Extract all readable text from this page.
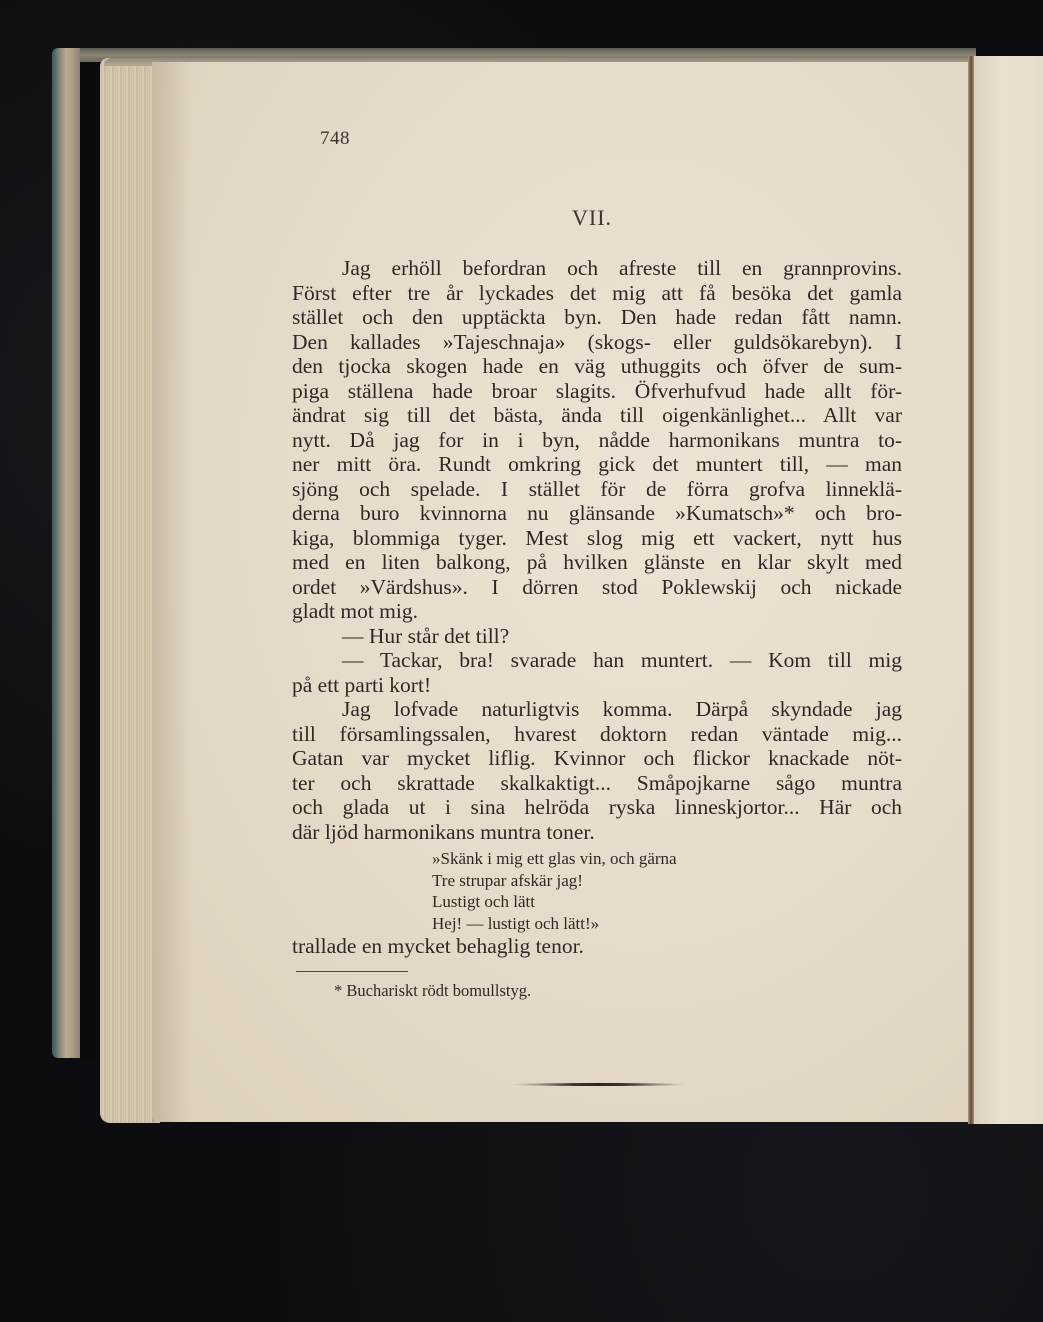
748
VII.
Jag erhöll befordran och afreste till en grannprovins.
Först efter tre år lyckades det mig att få besöka det gamla
stället och den upptäckta byn. Den hade redan fått namn.
Den kallades »Tajeschnaja» (skogs- eller guldsökarebyn). I
den tjocka skogen hade en väg uthuggits och öfver de sum-
piga ställena hade broar slagits. Öfverhufvud hade allt för-
ändrat sig till det bästa, ända till oigenkänlighet... Allt var
nytt. Då jag for in i byn, nådde harmonikans muntra to-
ner mitt öra. Rundt omkring gick det muntert till, — man
sjöng och spelade. I stället för de förra grofva linneklä-
derna buro kvinnorna nu glänsande »Kumatsch»* och bro-
kiga, blommiga tyger. Mest slog mig ett vackert, nytt hus
med en liten balkong, på hvilken glänste en klar skylt med
ordet »Värdshus». I dörren stod Poklewskij och nickade
gladt mot mig.
— Hur står det till?
— Tackar, bra! svarade han muntert. — Kom till mig
på ett parti kort!
Jag lofvade naturligtvis komma. Därpå skyndade jag
till församlingssalen, hvarest doktorn redan väntade mig...
Gatan var mycket liflig. Kvinnor och flickor knackade nöt-
ter och skrattade skalkaktigt... Småpojkarne sågo muntra
och glada ut i sina helröda ryska linneskjortor... Här och
där ljöd harmonikans muntra toner.
»Skänk i mig ett glas vin, och gärna
Tre strupar afskär jag!
Lustigt och lätt
Hej! — lustigt och lätt!»
trallade en mycket behaglig tenor.
* Buchariskt rödt bomullstyg.
